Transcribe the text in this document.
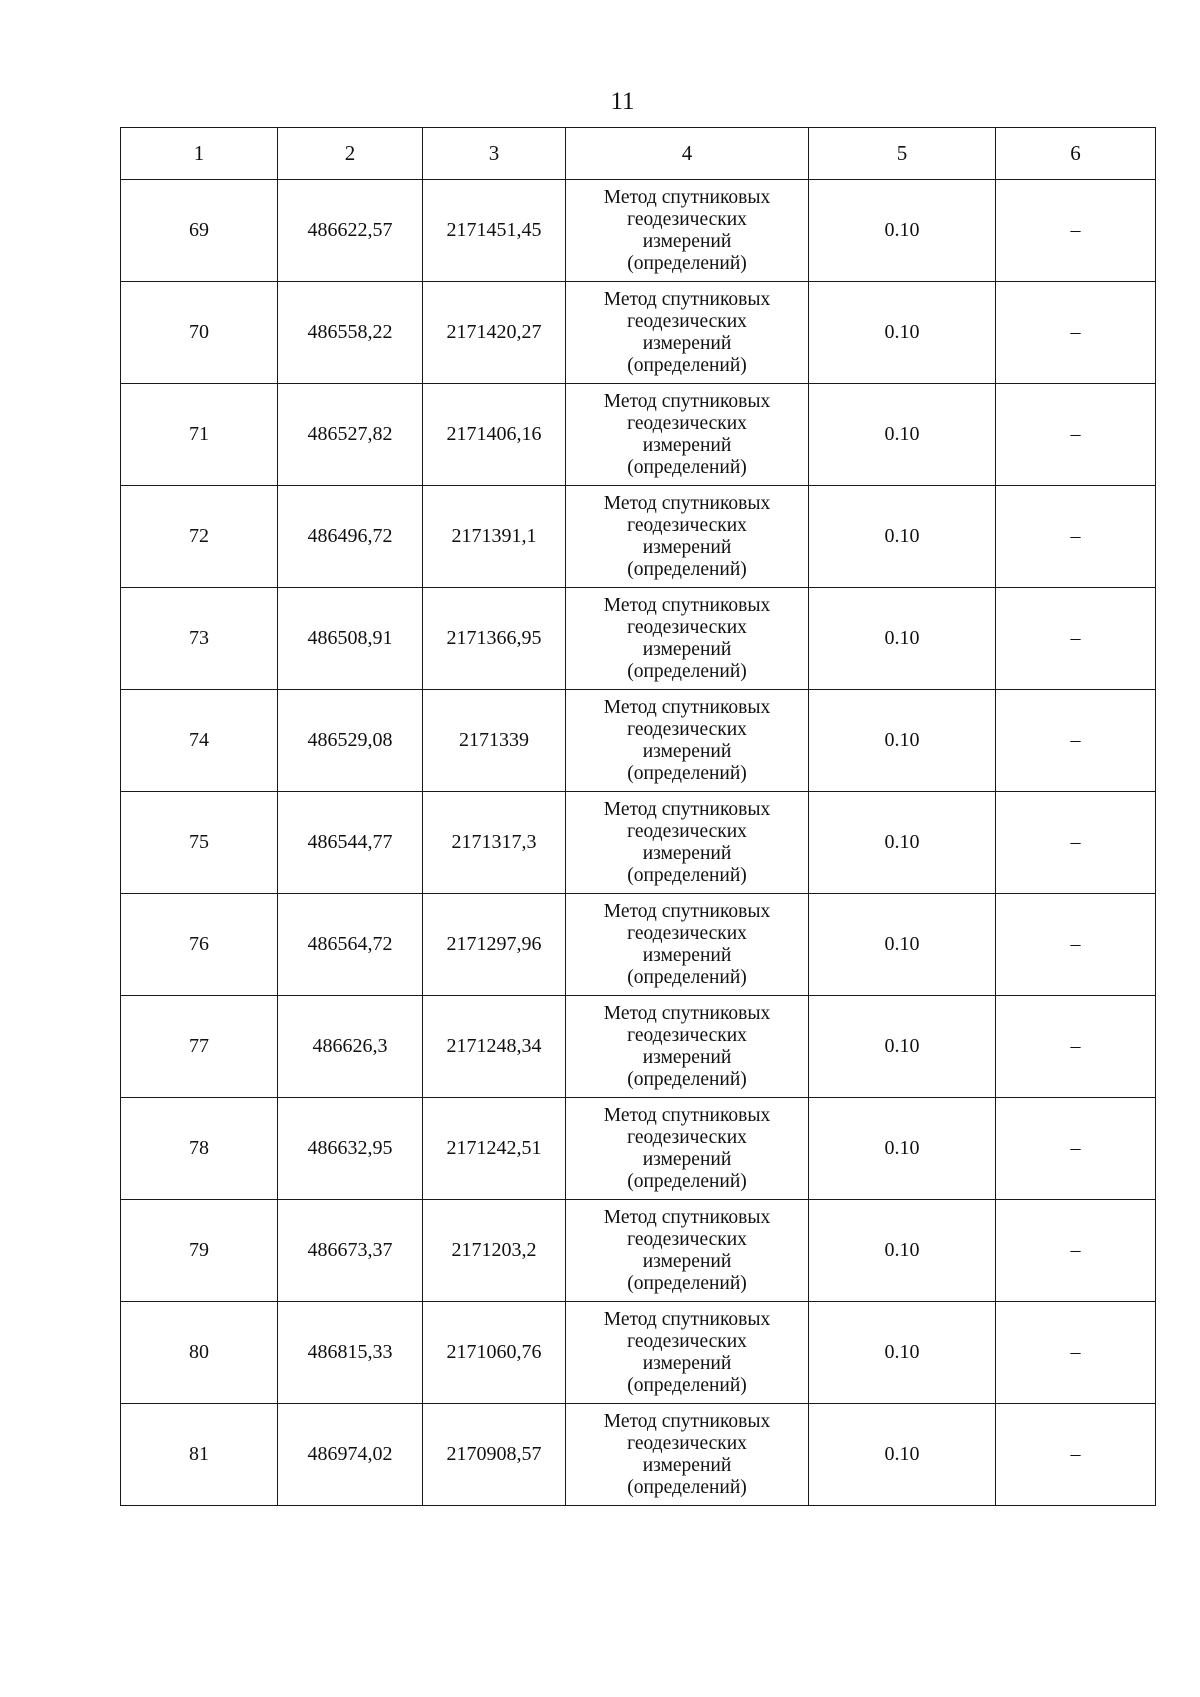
11
1	2	3	4	5	6
69	486622,57	2171451,45	Метод спутниковых
геодезических
измерений
(определений)	0.10	–
70	486558,22	2171420,27	Метод спутниковых
геодезических
измерений
(определений)	0.10	–
71	486527,82	2171406,16	Метод спутниковых
геодезических
измерений
(определений)	0.10	–
72	486496,72	2171391,1	Метод спутниковых
геодезических
измерений
(определений)	0.10	–
73	486508,91	2171366,95	Метод спутниковых
геодезических
измерений
(определений)	0.10	–
74	486529,08	2171339	Метод спутниковых
геодезических
измерений
(определений)	0.10	–
75	486544,77	2171317,3	Метод спутниковых
геодезических
измерений
(определений)	0.10	–
76	486564,72	2171297,96	Метод спутниковых
геодезических
измерений
(определений)	0.10	–
77	486626,3	2171248,34	Метод спутниковых
геодезических
измерений
(определений)	0.10	–
78	486632,95	2171242,51	Метод спутниковых
геодезических
измерений
(определений)	0.10	–
79	486673,37	2171203,2	Метод спутниковых
геодезических
измерений
(определений)	0.10	–
80	486815,33	2171060,76	Метод спутниковых
геодезических
измерений
(определений)	0.10	–
81	486974,02	2170908,57	Метод спутниковых
геодезических
измерений
(определений)	0.10	–
